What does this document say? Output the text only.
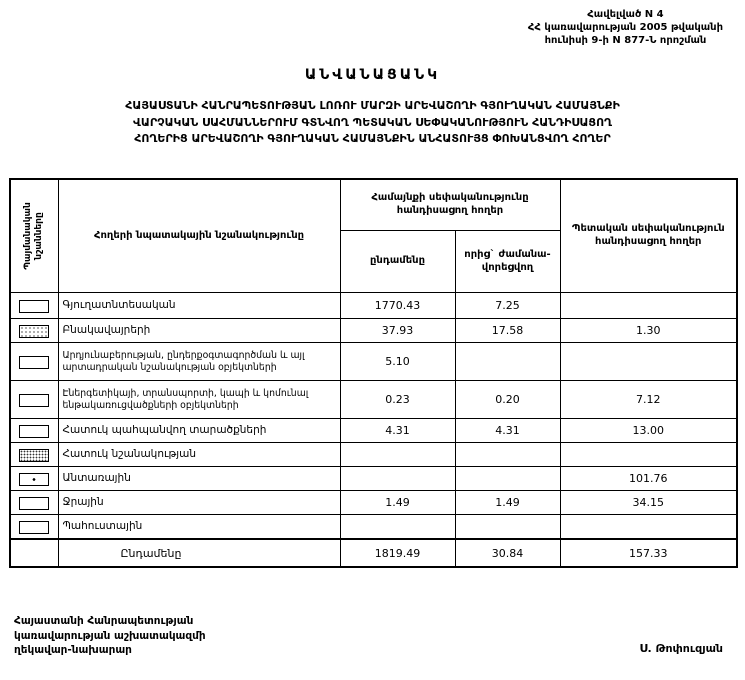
Հավելված N 4
ՀՀ կառավարության 2005 թվականի
հունիսի 9-ի N 877-Ն որոշման
ԱՆՎԱՆԱՑԱՆԿ
ՀԱՅԱՍՏԱՆԻ ՀԱՆՐԱՊԵՏՈՒԹՅԱՆ ԼՈՌՈՒ ՄԱՐԶԻ ԱՐԵՎԱՇՈՂԻ ԳՅՈՒՂԱԿԱՆ ՀԱՄԱՅՆՔԻ
ՎԱՐՉԱԿԱՆ ՍԱՀՄԱՆՆԵՐՈՒՄ ԳՏՆՎՈՂ ՊԵՏԱԿԱՆ ՍԵՓԱԿԱՆՈՒԹՅՈՒՆ ՀԱՆԴԻՍԱՑՈՂ
ՀՈՂԵՐԻՑ ԱՐԵՎԱՇՈՂԻ ԳՅՈՒՂԱԿԱՆ ՀԱՄԱՅՆՔԻՆ ԱՆՀԱՏՈՒՅՑ ՓՈԽԱՆՑՎՈՂ ՀՈՂԵՐ
Պայմանական նշանները	Հողերի նպատակային նշանակությունը	Համայնքի սեփականությունը հանդիսացող հողեր		Պետական սեփականություն հանդիսացող հողեր
		ընդամենը	որից` ժամանա- վորեցվող	
	Գյուղատնտեսական	1770.43	7.25	
	Բնակավայրերի	37.93	17.58	1.30
	Արդյունաբերության, ընդերքօգտագործման և այլ արտադրական նշանակության օբյեկտների	5.10		
	Էներգետիկայի, տրանսպորտի, կապի և կոմունալ ենթակառուցվածքների օբյեկտների	0.23	0.20	7.12
	Հատուկ պահպանվող տարածքների	4.31	4.31	13.00
	Հատուկ նշանակության			
	Անտառային			101.76
	Ջրային	1.49	1.49	34.15
	Պահուստային			
	Ընդամենը	1819.49	30.84	157.33
Հայաստանի Հանրապետության
կառավարության աշխատակազմի
ղեկավար-նախարար	Ս. Թոփուզյան
